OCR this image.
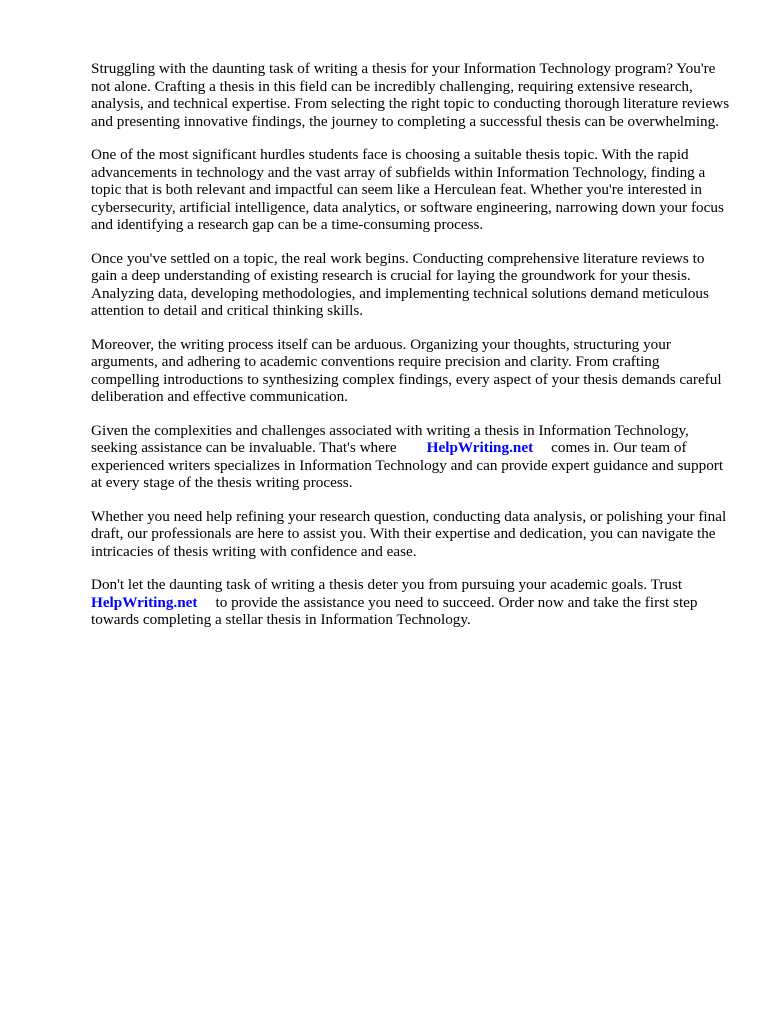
Struggling with the daunting task of writing a thesis for your Information Technology program? You're not alone. Crafting a thesis in this field can be incredibly challenging, requiring extensive research, analysis, and technical expertise. From selecting the right topic to conducting thorough literature reviews and presenting innovative findings, the journey to completing a successful thesis can be overwhelming.

One of the most significant hurdles students face is choosing a suitable thesis topic. With the rapid advancements in technology and the vast array of subfields within Information Technology, finding a topic that is both relevant and impactful can seem like a Herculean feat. Whether you're interested in cybersecurity, artificial intelligence, data analytics, or software engineering, narrowing down your focus and identifying a research gap can be a time-consuming process.

Once you've settled on a topic, the real work begins. Conducting comprehensive literature reviews to gain a deep understanding of existing research is crucial for laying the groundwork for your thesis. Analyzing data, developing methodologies, and implementing technical solutions demand meticulous attention to detail and critical thinking skills.

Moreover, the writing process itself can be arduous. Organizing your thoughts, structuring your arguments, and adhering to academic conventions require precision and clarity. From crafting compelling introductions to synthesizing complex findings, every aspect of your thesis demands careful deliberation and effective communication.

Given the complexities and challenges associated with writing a thesis in Information Technology, seeking assistance can be invaluable. That's where HelpWriting.net comes in. Our team of experienced writers specializes in Information Technology and can provide expert guidance and support at every stage of the thesis writing process.

Whether you need help refining your research question, conducting data analysis, or polishing your final draft, our professionals are here to assist you. With their expertise and dedication, you can navigate the intricacies of thesis writing with confidence and ease.

Don't let the daunting task of writing a thesis deter you from pursuing your academic goals. Trust HelpWriting.net to provide the assistance you need to succeed. Order now and take the first step towards completing a stellar thesis in Information Technology.
